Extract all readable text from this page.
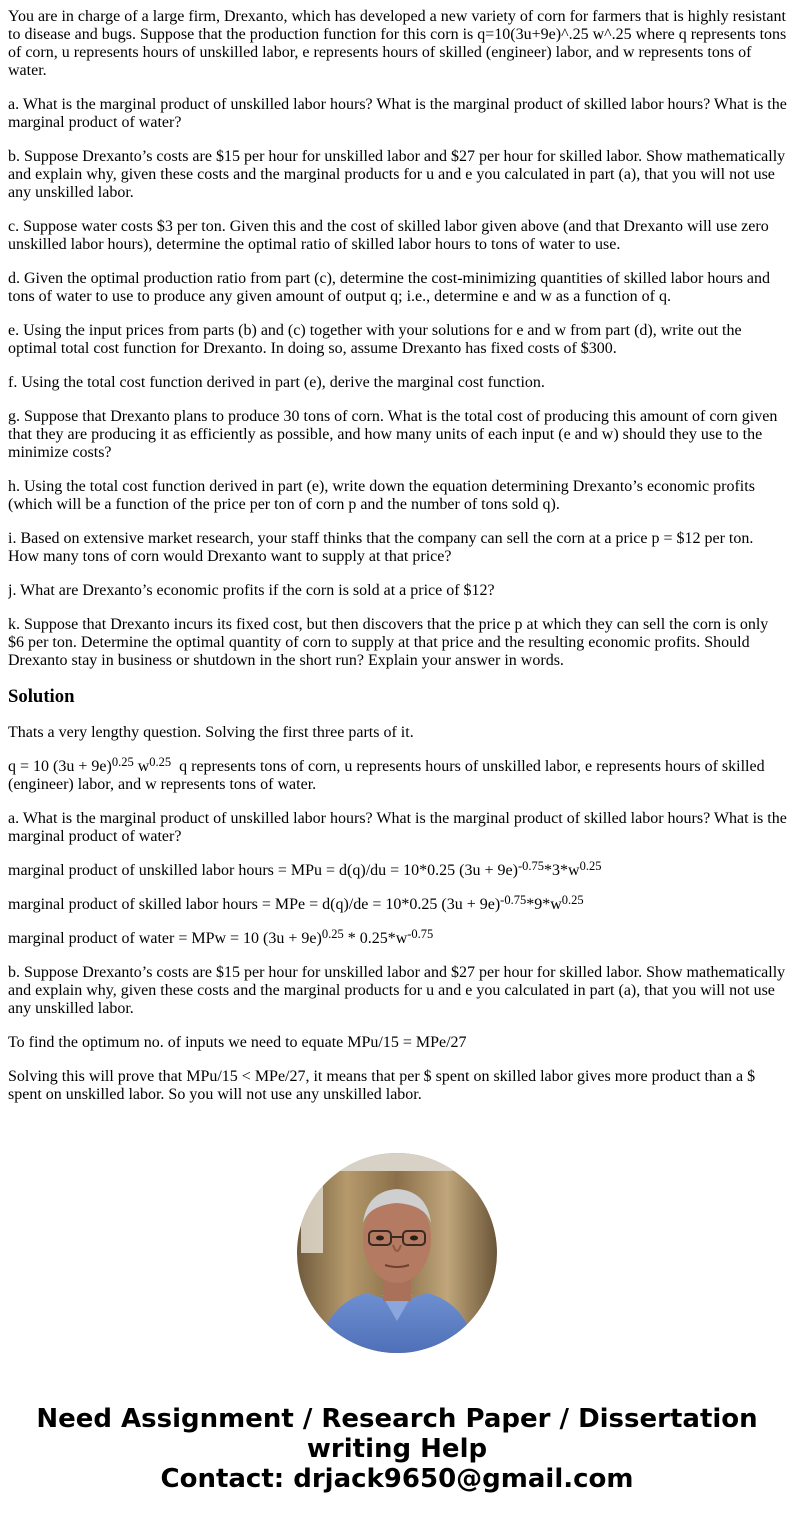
You are in charge of a large firm, Drexanto, which has developed a new variety of corn for farmers that is highly resistant to disease and bugs. Suppose that the production function for this corn is q=10(3u+9e)^.25 w^.25 where q represents tons of corn, u represents hours of unskilled labor, e represents hours of skilled (engineer) labor, and w represents tons of water.

a. What is the marginal product of unskilled labor hours? What is the marginal product of skilled labor hours? What is the marginal product of water?

b. Suppose Drexanto’s costs are $15 per hour for unskilled labor and $27 per hour for skilled labor. Show mathematically and explain why, given these costs and the marginal products for u and e you calculated in part (a), that you will not use any unskilled labor.

c. Suppose water costs $3 per ton. Given this and the cost of skilled labor given above (and that Drexanto will use zero unskilled labor hours), determine the optimal ratio of skilled labor hours to tons of water to use.

d. Given the optimal production ratio from part (c), determine the cost-minimizing quantities of skilled labor hours and tons of water to use to produce any given amount of output q; i.e., determine e and w as a function of q.

e. Using the input prices from parts (b) and (c) together with your solutions for e and w from part (d), write out the optimal total cost function for Drexanto. In doing so, assume Drexanto has fixed costs of $300.

f. Using the total cost function derived in part (e), derive the marginal cost function.

g. Suppose that Drexanto plans to produce 30 tons of corn. What is the total cost of producing this amount of corn given that they are producing it as efficiently as possible, and how many units of each input (e and w) should they use to the minimize costs?

h. Using the total cost function derived in part (e), write down the equation determining Drexanto’s economic profits (which will be a function of the price per ton of corn p and the number of tons sold q).

i. Based on extensive market research, your staff thinks that the company can sell the corn at a price p = $12 per ton. How many tons of corn would Drexanto want to supply at that price?

j. What are Drexanto’s economic profits if the corn is sold at a price of $12?

k. Suppose that Drexanto incurs its fixed cost, but then discovers that the price p at which they can sell the corn is only $6 per ton. Determine the optimal quantity of corn to supply at that price and the resulting economic profits. Should Drexanto stay in business or shutdown in the short run? Explain your answer in words.

Solution

Thats a very lengthy question. Solving the first three parts of it.

q = 10 $(3u + 9e)^{0.25}$ $w^{0.25}$  q represents tons of corn, u represents hours of unskilled labor, e represents hours of skilled (engineer) labor, and w represents tons of water.

a. What is the marginal product of unskilled labor hours? What is the marginal product of skilled labor hours? What is the marginal product of water?

marginal product of unskilled labor hours = MPu = d(q)/du = 10*0.25 $(3u + 9e)^{-0.75}*3*w^{0.25}$

marginal product of skilled labor hours = MPe = d(q)/de = 10*0.25 $(3u + 9e)^{-0.75}*9*w^{0.25}$

marginal product of water = MPw = 10 $(3u + 9e)^{0.25} * 0.25*w^{-0.75}$

b. Suppose Drexanto’s costs are $15 per hour for unskilled labor and $27 per hour for skilled labor. Show mathematically and explain why, given these costs and the marginal products for u and e you calculated in part (a), that you will not use any unskilled labor.

To find the optimum no. of inputs we need to equate MPu/15 = MPe/27

Solving this will prove that MPu/15 < MPe/27, it means that per $ spent on skilled labor gives more product than a $ spent on unskilled labor. So you will not use any unskilled labor.

Need Assignment / Research Paper / Dissertation
writing Help
Contact: drjack9650@gmail.com
